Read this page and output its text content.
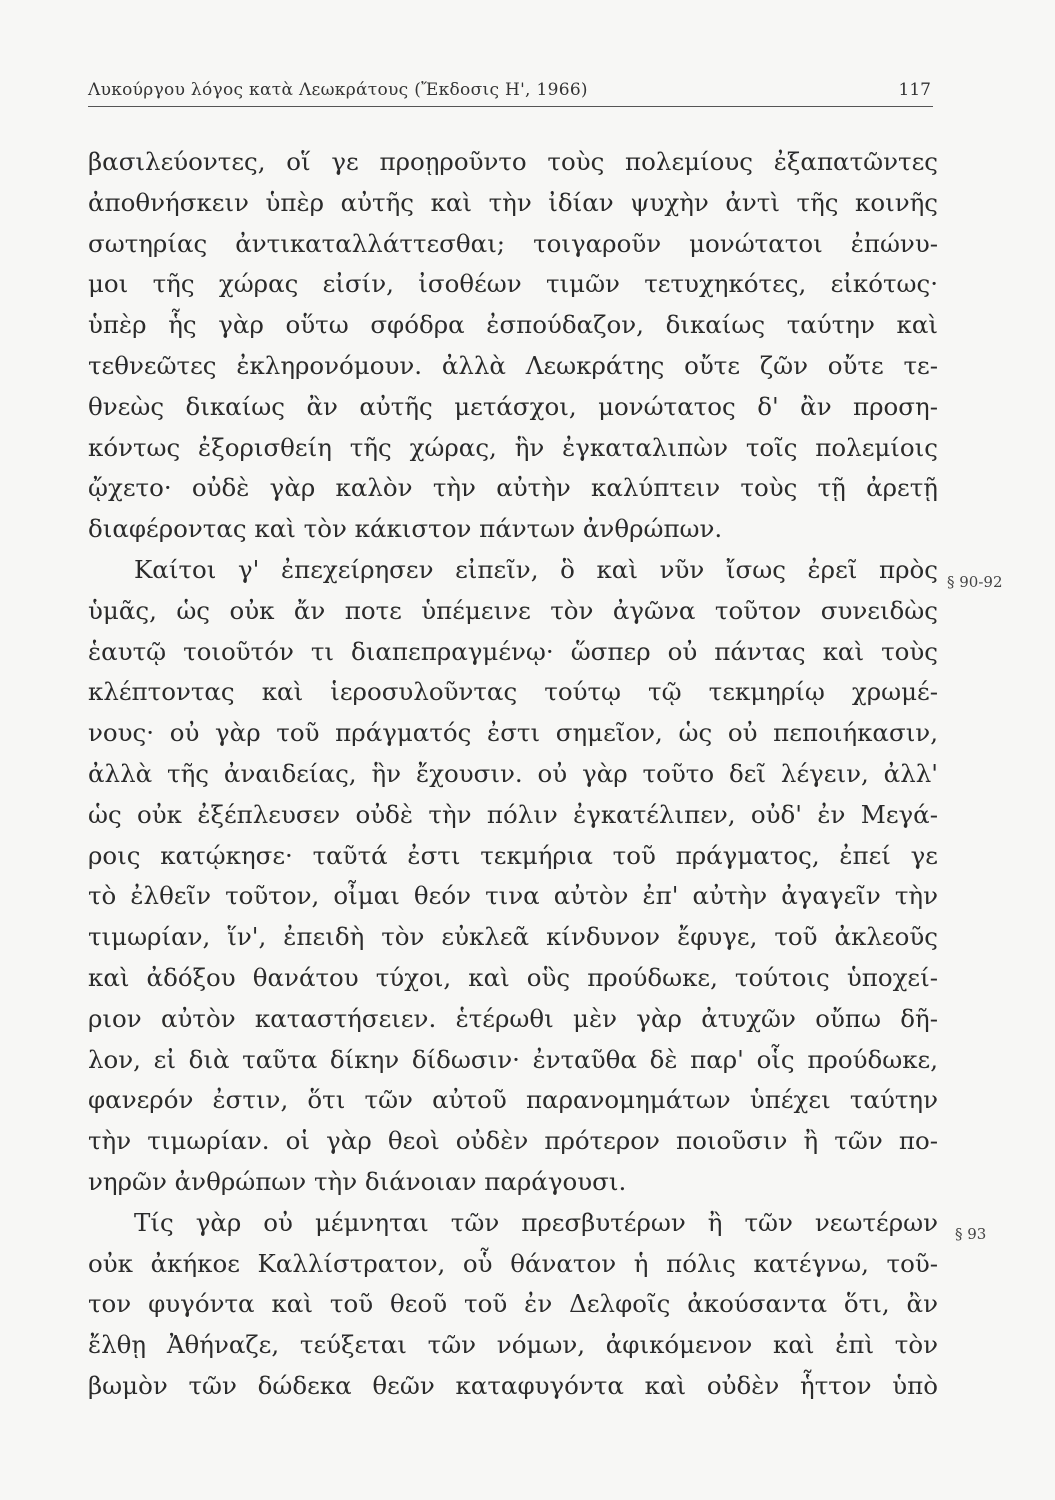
Λυκούργου λόγος κατὰ Λεωκράτους (Ἔκδοσις Η', 1966)	117
βασιλεύοντες, οἵ γε προῃροῦντο τοὺς πολεμίους ἐξαπατῶντες
ἀποθνήσκειν ὑπὲρ αὐτῆς καὶ τὴν ἰδίαν ψυχὴν ἀντὶ τῆς κοινῆς
σωτηρίας ἀντικαταλλάττεσθαι; τοιγαροῦν μονώτατοι ἐπώνυ-
μοι τῆς χώρας εἰσίν, ἰσοθέων τιμῶν τετυχηκότες, εἰκότως·
ὑπὲρ ἧς γὰρ οὕτω σφόδρα ἐσπούδαζον, δικαίως ταύτην καὶ
τεθνεῶτες ἐκληρονόμουν. ἀλλὰ Λεωκράτης οὔτε ζῶν οὔτε τε-
θνεὼς δικαίως ἂν αὐτῆς μετάσχοι, μονώτατος δ' ἂν προση-
κόντως ἐξορισθείη τῆς χώρας, ἣν ἐγκαταλιπὼν τοῖς πολεμίοις
ᾤχετο· οὐδὲ γὰρ καλὸν τὴν αὐτὴν καλύπτειν τοὺς τῇ ἀρετῇ
διαφέροντας καὶ τὸν κάκιστον πάντων ἀνθρώπων.
Καίτοι γ' ἐπεχείρησεν εἰπεῖν, ὃ καὶ νῦν ἴσως ἐρεῖ πρὸς
ὑμᾶς, ὡς οὐκ ἄν ποτε ὑπέμεινε τὸν ἀγῶνα τοῦτον συνειδὼς
ἑαυτῷ τοιοῦτόν τι διαπεπραγμένῳ· ὥσπερ οὐ πάντας καὶ τοὺς
κλέπτοντας καὶ ἱεροσυλοῦντας τούτῳ τῷ τεκμηρίῳ χρωμέ-
νους· οὐ γὰρ τοῦ πράγματός ἐστι σημεῖον, ὡς οὐ πεποιήκασιν,
ἀλλὰ τῆς ἀναιδείας, ἣν ἔχουσιν. οὐ γὰρ τοῦτο δεῖ λέγειν, ἀλλ'
ὡς οὐκ ἐξέπλευσεν οὐδὲ τὴν πόλιν ἐγκατέλιπεν, οὐδ' ἐν Μεγά-
ροις κατῴκησε· ταῦτά ἐστι τεκμήρια τοῦ πράγματος, ἐπεί γε
τὸ ἐλθεῖν τοῦτον, οἶμαι θεόν τινα αὐτὸν ἐπ' αὐτὴν ἀγαγεῖν τὴν
τιμωρίαν, ἵν', ἐπειδὴ τὸν εὐκλεᾶ κίνδυνον ἔφυγε, τοῦ ἀκλεοῦς
καὶ ἀδόξου θανάτου τύχοι, καὶ οὓς προύδωκε, τούτοις ὑποχεί-
ριον αὐτὸν καταστήσειεν. ἑτέρωθι μὲν γὰρ ἀτυχῶν οὔπω δῆ-
λον, εἰ διὰ ταῦτα δίκην δίδωσιν· ἐνταῦθα δὲ παρ' οἷς προύδωκε,
φανερόν ἐστιν, ὅτι τῶν αὐτοῦ παρανομημάτων ὑπέχει ταύτην
τὴν τιμωρίαν. οἱ γὰρ θεοὶ οὐδὲν πρότερον ποιοῦσιν ἢ τῶν πο-
νηρῶν ἀνθρώπων τὴν διάνοιαν παράγουσι.
Τίς γὰρ οὐ μέμνηται τῶν πρεσβυτέρων ἢ τῶν νεωτέρων
οὐκ ἀκήκοε Καλλίστρατον, οὗ θάνατον ἡ πόλις κατέγνω, τοῦ-
τον φυγόντα καὶ τοῦ θεοῦ τοῦ ἐν Δελφοῖς ἀκούσαντα ὅτι, ἂν
ἔλθῃ Ἀθήναζε, τεύξεται τῶν νόμων, ἀφικόμενον καὶ ἐπὶ τὸν
βωμὸν τῶν δώδεκα θεῶν καταφυγόντα καὶ οὐδὲν ἧττον ὑπὸ
§ 90-92
§ 93
